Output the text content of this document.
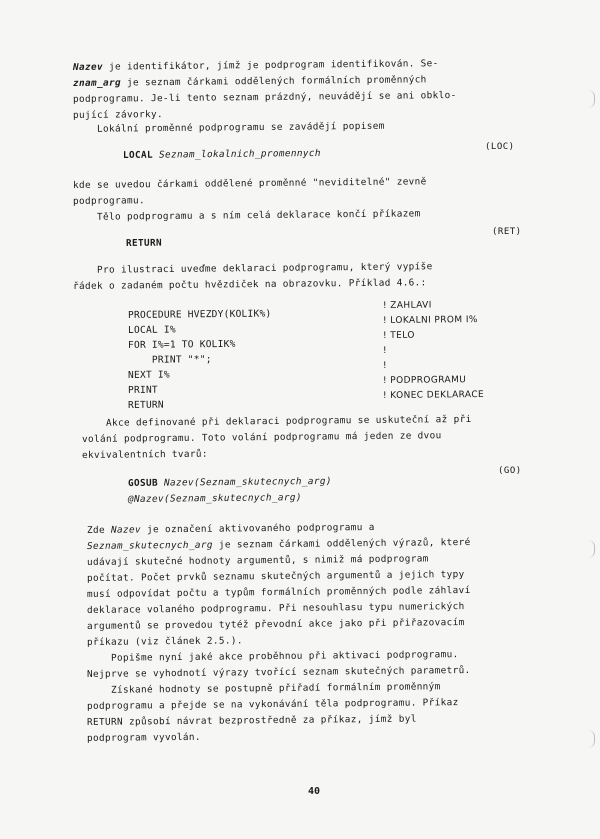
Nazev je identifikátor, jímž je podprogram identifikován. Se-
znam_arg je seznam čárkami oddělených formálních proměnných
podprogramu. Je-li tento seznam prázdný, neuvádějí se ani obklo-
pující závorky.
Lokální proměnné podprogramu se zavádějí popisem
LOCAL Seznam_lokalnich_promennych
(LOC)
kde se uvedou čárkami oddělené proměnné "neviditelné" zevně
podprogramu.
Tělo podprogramu a s ním celá deklarace končí příkazem
RETURN
(RET)
Pro ilustraci uveďme deklaraci podprogramu, který vypíše
řádek o zadaném počtu hvězdiček na obrazovku. Příklad 4.6.:
PROCEDURE HVEZDY(KOLIK%)
LOCAL I%
FOR I%=1 TO KOLIK%
PRINT "*";
NEXT I%
PRINT
RETURN
! ZAHLAVI
! LOKALNI PROM I%
! TELO
!
!
! PODPROGRAMU
! KONEC DEKLARACE
Akce definované při deklaraci podprogramu se uskuteční až při
volání podprogramu. Toto volání podprogramu má jeden ze dvou
ekvivalentních tvarů:
GOSUB Nazev(Seznam_skutecnych_arg)
@Nazev(Seznam_skutecnych_arg)
(GO)
Zde Nazev je označení aktivovaného podprogramu a
Seznam_skutecnych_arg je seznam čárkami oddělených výrazů, které
udávají skutečné hodnoty argumentů, s nimiž má podprogram
počítat. Počet prvků seznamu skutečných argumentů a jejich typy
musí odpovídat počtu a typům formálních proměnných podle záhlaví
deklarace volaného podprogramu. Při nesouhlasu typu numerických
argumentů se provedou tytéž převodní akce jako při přiřazovacím
příkazu (viz článek 2.5.).
Popišme nyní jaké akce proběhnou při aktivaci podprogramu.
Nejprve se vyhodnotí výrazy tvořící seznam skutečných parametrů.
Získané hodnoty se postupně přiřadí formálním proměnným
podprogramu a přejde se na vykonávání těla podprogramu. Příkaz
RETURN způsobí návrat bezprostředně za příkaz, jímž byl
podprogram vyvolán.
40
